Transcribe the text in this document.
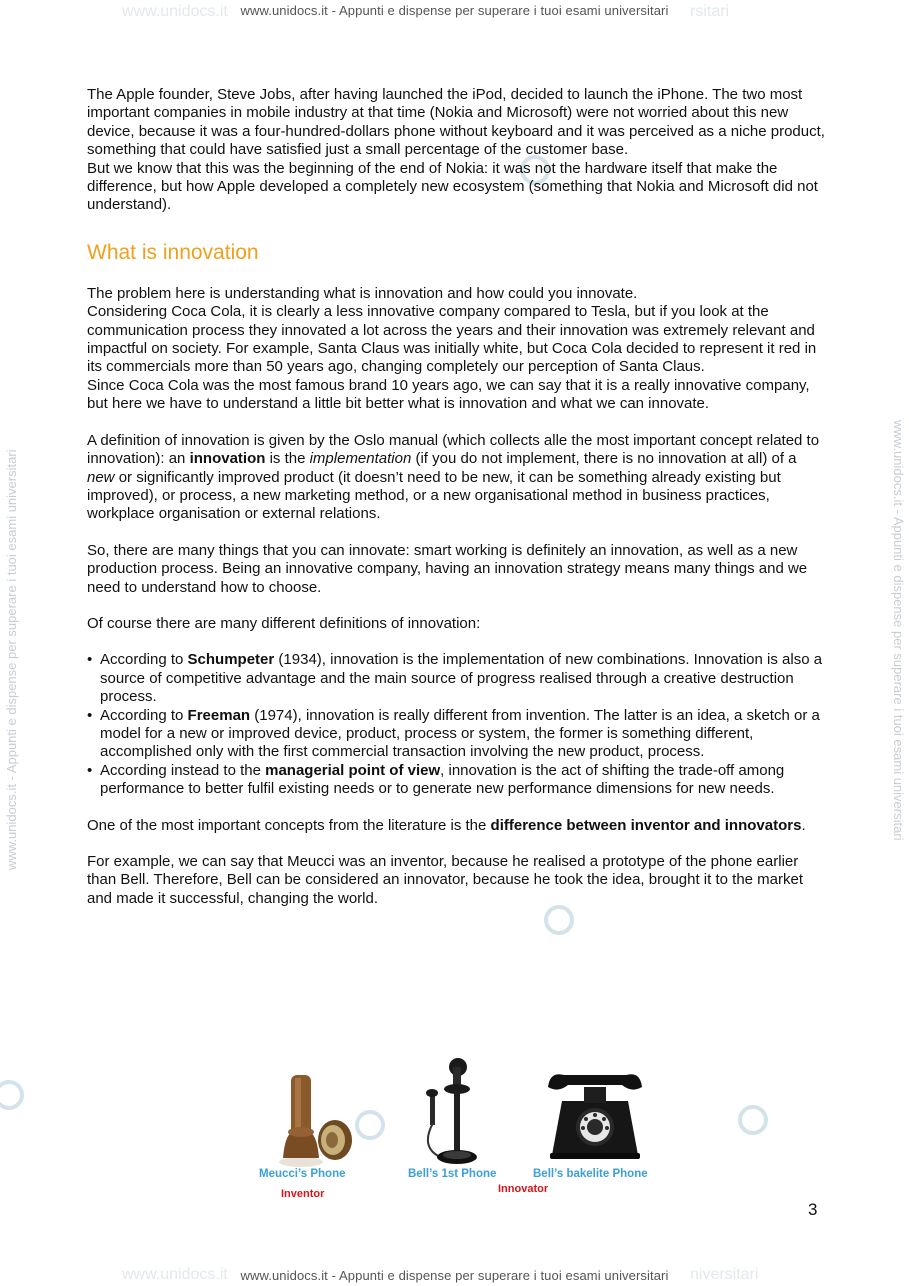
www.unidocs.it	rsitari
www.unidocs.it	niversitari
www.unidocs.it - Appunti e dispense per superare i tuoi esami universitari
www.unidocs.it - Appunti e dispense per superare i tuoi esami universitari
www.unidocs.it - Appunti e dispense per superare i tuoi esami universitari	www.unidocs.it - Appunti e dispense per superare i tuoi esami universitari

The Apple founder, Steve Jobs, after having launched the iPod, decided to launch the iPhone. The two most important companies in mobile industry at that time (Nokia and Microsoft) were not worried about this new device, because it was a four-hundred-dollars phone without keyboard and it was perceived as a niche product, something that could have satisfied just a small percentage of the customer base.

But we know that this was the beginning of the end of Nokia: it was not the hardware itself that make the difference, but how Apple developed a completely new ecosystem (something that Nokia and Microsoft did not understand).

What is innovation

The problem here is understanding what is innovation and how could you innovate.

Considering Coca Cola, it is clearly a less innovative company compared to Tesla, but if you look at the communication process they innovated a lot across the years and their innovation was extremely relevant and impactful on society. For example, Santa Claus was initially white, but Coca Cola decided to represent it red in its commercials more than 50 years ago, changing completely our perception of Santa Claus.

Since Coca Cola was the most famous brand 10 years ago, we can say that it is a really innovative company, but here we have to understand a little bit better what is innovation and what we can innovate.

A definition of innovation is given by the Oslo manual (which collects alle the most important concept related to innovation): an innovation is the implementation (if you do not implement, there is no innovation at all) of a new or significantly improved product (it doesn’t need to be new, it can be something already existing but improved), or process, a new marketing method, or a new organisational method in business practices, workplace organisation or external relations.

So, there are many things that you can innovate: smart working is definitely an innovation, as well as a new production process. Being an innovative company, having an innovation strategy means many things and we need to understand how to choose.

Of course there are many different definitions of innovation:

• According to Schumpeter (1934), innovation is the implementation of new combinations. Innovation is also a source of competitive advantage and the main source of progress realised through a creative destruction process.
• According to Freeman (1974), innovation is really different from invention. The latter is an idea, a sketch or a model for a new or improved device, product, process or system, the former is something different, accomplished only with the first commercial transaction involving the new product, process.
• According instead to the managerial point of view, innovation is the act of shifting the trade-off among performance to better fulfil existing needs or to generate new performance dimensions for new needs.

One of the most important concepts from the literature is the difference between inventor and innovators.

For example, we can say that Meucci was an inventor, because he realised a prototype of the phone earlier than Bell. Therefore, Bell can be considered an innovator, because he took the idea, brought it to the market and made it successful, changing the world.

Meucci’s Phone	Bell’s 1st Phone	Bell’s bakelite Phone
Inventor	Innovator
3
